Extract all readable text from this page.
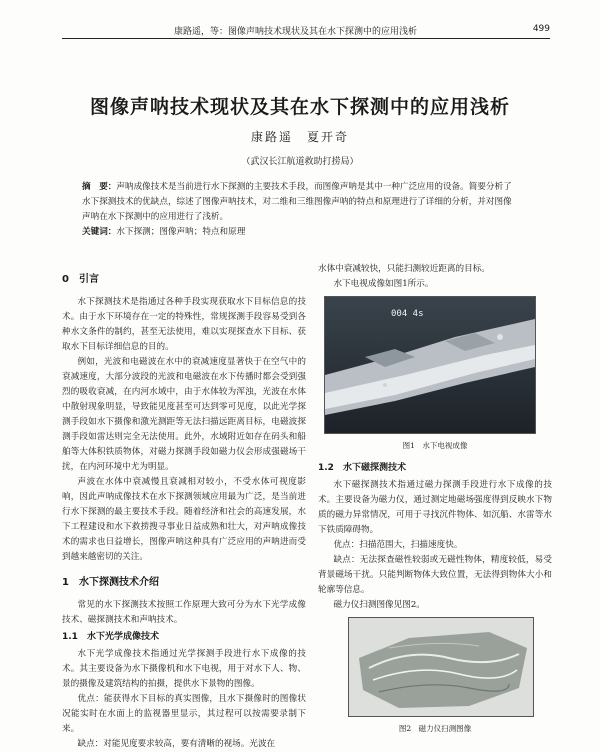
康路遥，等：图像声呐技术现状及其在水下探测中的应用浅析	499
图像声呐技术现状及其在水下探测中的应用浅析
康路遥　夏开奇
（武汉长江航道救助打捞局）
摘　要：声呐成像技术是当前进行水下探测的主要技术手段，而图像声呐是其中一种广泛应用的设备。简要分析了水下探测技术的优缺点，综述了图像声呐技术，对二维和三维图像声呐的特点和原理进行了详细的分析，并对图像声呐在水下探测中的应用进行了浅析。
关键词：水下探测；图像声呐；特点和原理
0　引言

水下探测技术是指通过各种手段实现获取水下目标信息的技术。由于水下环境存在一定的特殊性，常规探测手段容易受到各种水文条件的制约，甚至无法使用，难以实现探查水下目标、获取水下目标详细信息的目的。

例如，光波和电磁波在水中的衰减速度显著快于在空气中的衰减速度，大部分波段的光波和电磁波在水下传播时都会受到强烈的吸收衰减，在内河水域中，由于水体较为浑浊，光波在水体中散射现象明显，导致能见度甚至可达到零可见度，以此光学探测手段如水下摄像和激光测距等无法扫描远距离目标，电磁波探测手段如雷达则完全无法使用。此外，水域附近如存在码头和船舶等大体积铁质物体，对磁力探测手段如磁力仪会形成强磁场干扰，在内河环境中尤为明显。

声波在水体中衰减慢且衰减相对较小，不受水体可视度影响，因此声呐成像技术在水下探测领域应用最为广泛，是当前进行水下探测的最主要技术手段。随着经济和社会的高速发展，水下工程建设和水下救捞搜寻事业日益成熟和壮大，对声呐成像技术的需求也日益增长，图像声呐这种具有广泛应用的声呐进而受到越来越密切的关注。

1　水下探测技术介绍

常见的水下探测技术按照工作原理大致可分为水下光学成像技术、磁探测技术和声呐技术。

1.1　水下光学成像技术

水下光学成像技术指通过光学探测手段进行水下成像的技术。其主要设备为水下摄像机和水下电视，用于对水下人、物、景的摄像及建筑结构的拍摄，提供水下景物的图像。

优点：能获得水下目标的真实图像，且水下摄像时的图像状况能实时在水面上的监视器里显示，其过程可以按需要录制下来。

缺点：对能见度要求较高，要有清晰的视场。光波在

水体中衰减较快，只能扫测较近距离的目标。

水下电视成像如图1所示。

004 4s
图1　水下电视成像
1.2　水下磁探测技术

水下磁探测技术指通过磁力探测手段进行水下成像的技术。主要设备为磁力仪，通过测定地磁场强度得到反映水下物质的磁力异常情况，可用于寻找沉件物体、如沉船、水雷等水下铁质障碍物。

优点：扫描范围大，扫描速度快。

缺点：无法探查磁性较弱或无磁性物体，精度较低，易受背景磁场干扰。只能判断物体大致位置，无法得到物体大小和轮廓等信息。

磁力仪扫测图像见图2。

图2　磁力仪扫测图像
